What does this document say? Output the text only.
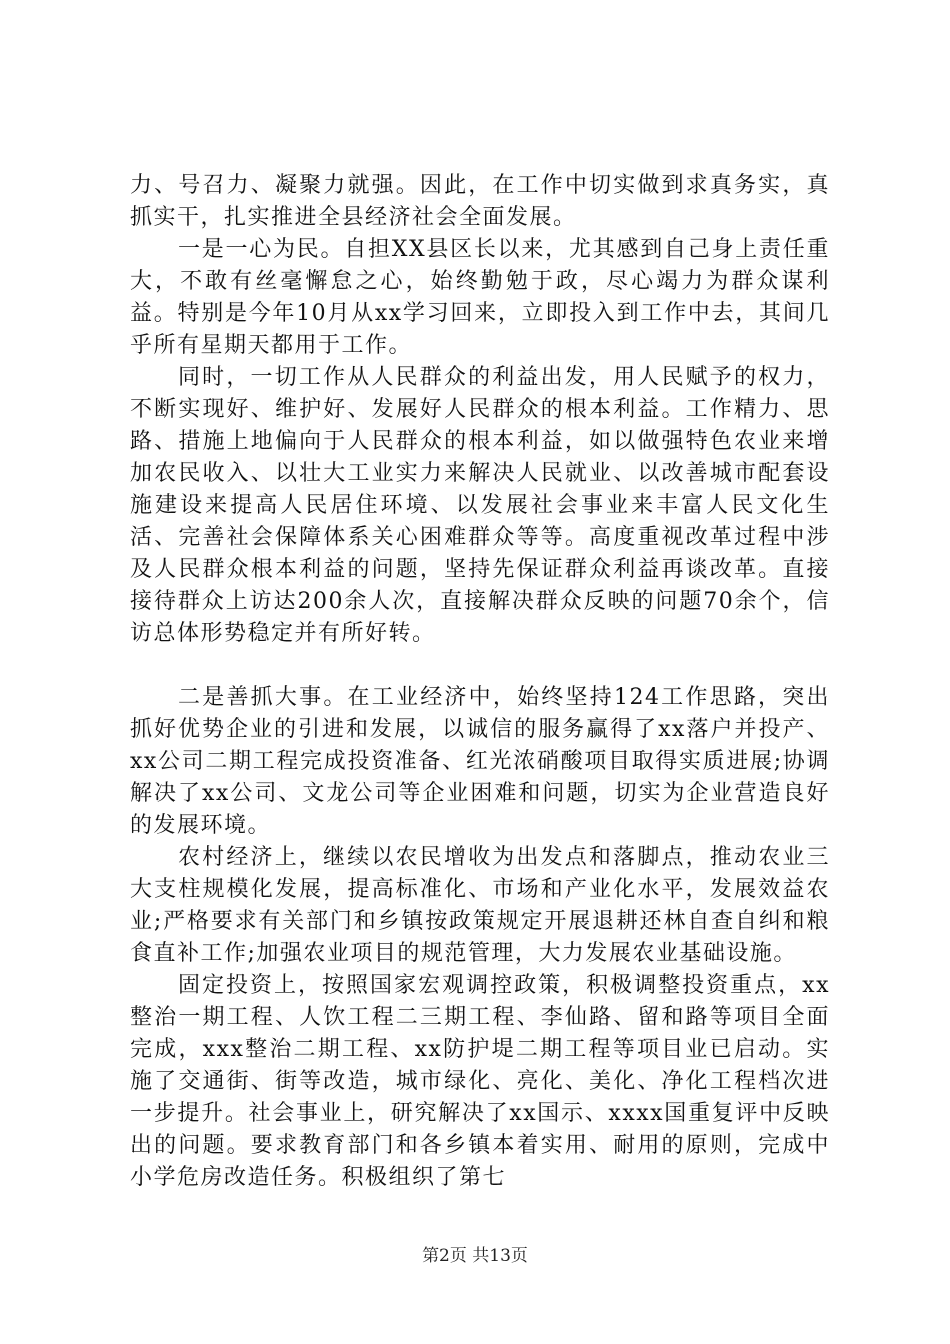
力、号召力、凝聚力就强。因此，在工作中切实做到求真务实，真抓实干，扎实推进全县经济社会全面发展。

一是一心为民。自担XX县区长以来，尤其感到自己身上责任重大，不敢有丝毫懈怠之心，始终勤勉于政，尽心竭力为群众谋利益。特别是今年10月从xx学习回来，立即投入到工作中去，其间几乎所有星期天都用于工作。

同时，一切工作从人民群众的利益出发，用人民赋予的权力，不断实现好、维护好、发展好人民群众的根本利益。工作精力、思路、措施上地偏向于人民群众的根本利益，如以做强特色农业来增加农民收入、以壮大工业实力来解决人民就业、以改善城市配套设施建设来提高人民居住环境、以发展社会事业来丰富人民文化生活、完善社会保障体系关心困难群众等等。高度重视改革过程中涉及人民群众根本利益的问题，坚持先保证群众利益再谈改革。直接接待群众上访达200余人次，直接解决群众反映的问题70余个，信访总体形势稳定并有所好转。

二是善抓大事。在工业经济中，始终坚持124工作思路，突出抓好优势企业的引进和发展，以诚信的服务赢得了xx落户并投产、xx公司二期工程完成投资准备、红光浓硝酸项目取得实质进展;协调解决了xx公司、文龙公司等企业困难和问题，切实为企业营造良好的发展环境。

农村经济上，继续以农民增收为出发点和落脚点，推动农业三大支柱规模化发展，提高标准化、市场和产业化水平，发展效益农业;严格要求有关部门和乡镇按政策规定开展退耕还林自查自纠和粮食直补工作;加强农业项目的规范管理，大力发展农业基础设施。

固定投资上，按照国家宏观调控政策，积极调整投资重点，xx整治一期工程、人饮工程二三期工程、李仙路、留和路等项目全面完成，xxx整治二期工程、xx防护堤二期工程等项目业已启动。实施了交通街、街等改造，城市绿化、亮化、美化、净化工程档次进一步提升。社会事业上，研究解决了xx国示、xxxx国重复评中反映出的问题。要求教育部门和各乡镇本着实用、耐用的原则，完成中小学危房改造任务。积极组织了第七

第2页 共13页
